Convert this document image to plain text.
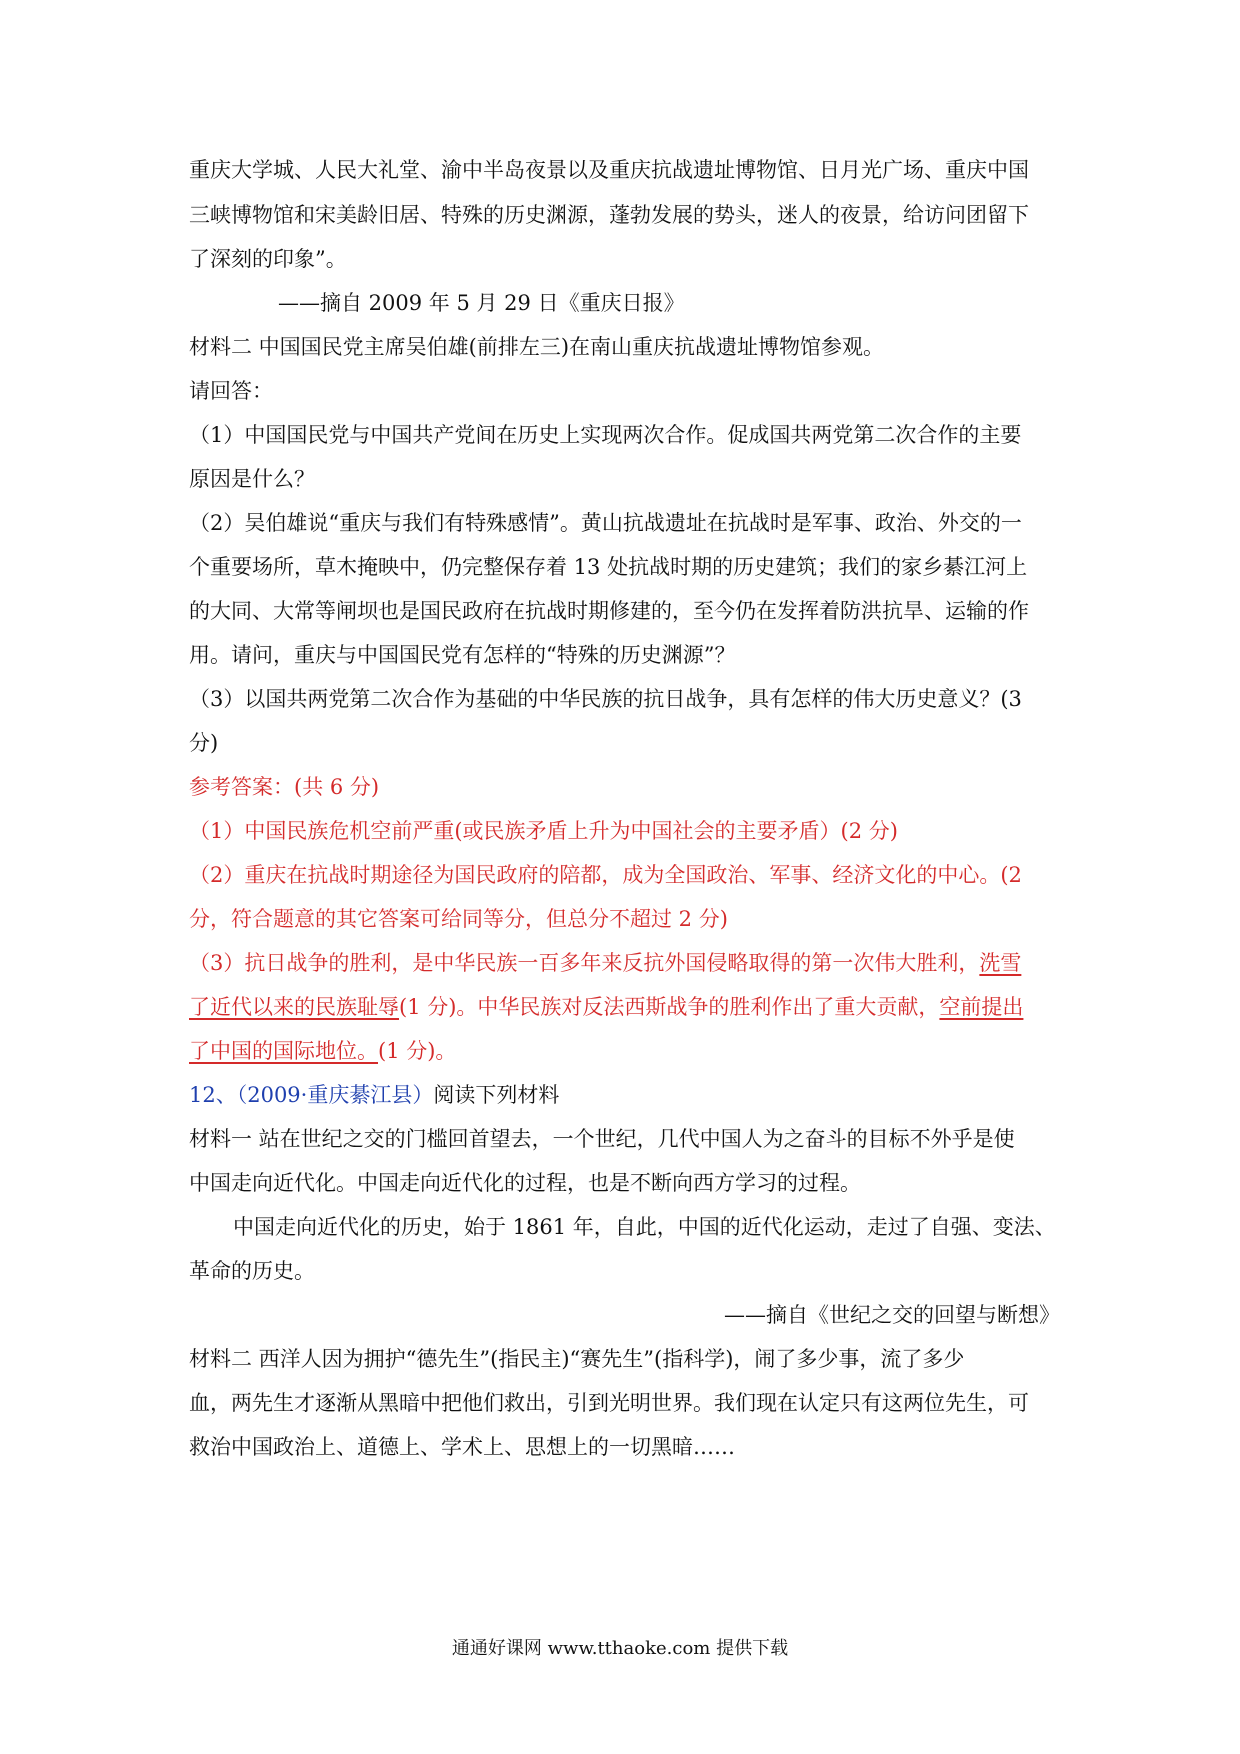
重庆大学城、人民大礼堂、渝中半岛夜景以及重庆抗战遗址博物馆、日月光广场、重庆中国
三峡博物馆和宋美龄旧居、特殊的历史渊源，蓬勃发展的势头，迷人的夜景，给访问团留下
了深刻的印象”。
——摘自 2009 年 5 月 29 日《重庆日报》
材料二 中国国民党主席吴伯雄(前排左三)在南山重庆抗战遗址博物馆参观。
请回答：
（1）中国国民党与中国共产党间在历史上实现两次合作。促成国共两党第二次合作的主要
原因是什么？
（2）吴伯雄说“重庆与我们有特殊感情”。黄山抗战遗址在抗战时是军事、政治、外交的一
个重要场所，草木掩映中，仍完整保存着 13 处抗战时期的历史建筑；我们的家乡綦江河上
的大同、大常等闸坝也是国民政府在抗战时期修建的，至今仍在发挥着防洪抗旱、运输的作
用。请问，重庆与中国国民党有怎样的“特殊的历史渊源”？
（3）以国共两党第二次合作为基础的中华民族的抗日战争，具有怎样的伟大历史意义？(3
分)
参考答案：(共 6 分)
（1）中国民族危机空前严重(或民族矛盾上升为中国社会的主要矛盾）(2 分)
（2）重庆在抗战时期途径为国民政府的陪都，成为全国政治、军事、经济文化的中心。(2
分，符合题意的其它答案可给同等分，但总分不超过 2 分)
（3）抗日战争的胜利，是中华民族一百多年来反抗外国侵略取得的第一次伟大胜利，洗雪
了近代以来的民族耻辱(1 分)。中华民族对反法西斯战争的胜利作出了重大贡献，空前提出
了中国的国际地位。(1 分)。
12、（2009·重庆綦江县）阅读下列材料
材料一 站在世纪之交的门槛回首望去，一个世纪，几代中国人为之奋斗的目标不外乎是使
中国走向近代化。中国走向近代化的过程，也是不断向西方学习的过程。
中国走向近代化的历史，始于 1861 年，自此，中国的近代化运动，走过了自强、变法、
革命的历史。
——摘自《世纪之交的回望与断想》
材料二 西洋人因为拥护“德先生”(指民主)“赛先生”(指科学)，闹了多少事，流了多少
血，两先生才逐渐从黑暗中把他们救出，引到光明世界。我们现在认定只有这两位先生，可
救治中国政治上、道德上、学术上、思想上的一切黑暗……
通通好课网 www.tthaoke.com 提供下载
